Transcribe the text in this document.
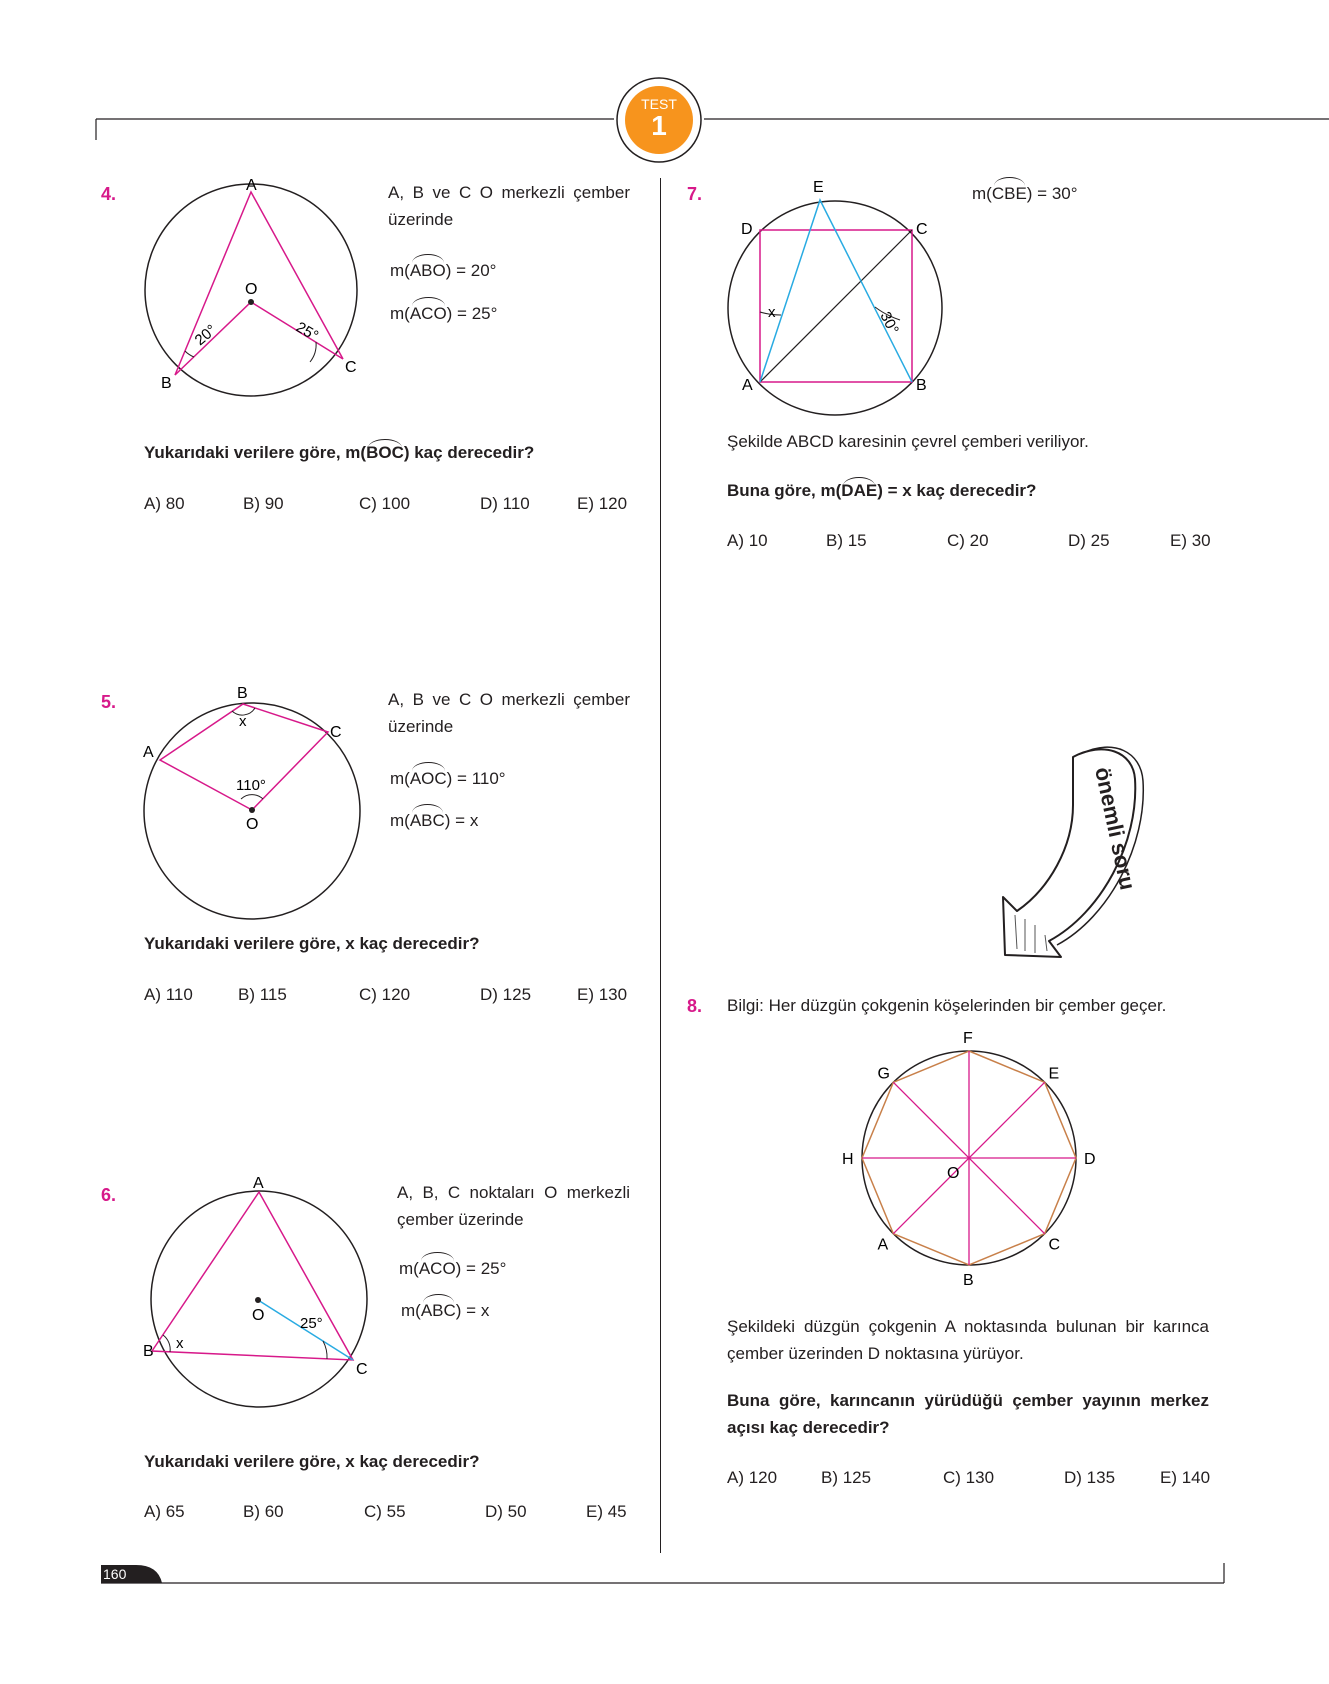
TEST
1
4.	A
B
C
O
20°	25°
A, B ve C O merkezli çember
üzerinde
m(ABO) = 20°
m(ACO) = 25°
Yukarıdaki verilere göre, m(BOC) kaç derecedir?
A) 80	B) 90	C) 100	D) 110	E) 120
5.	B
A
C
O
x
110°
A, B ve C O merkezli çember
üzerinde
m(AOC) = 110°
m(ABC) = x
Yukarıdaki verilere göre, x kaç derecedir?
A) 110	B) 115	C) 120	D) 125	E) 130
6.
A
B
C
O
x
25°
A, B, C noktaları O merkezli
çember üzerinde
m(ACO) = 25°
m(ABC) = x
Yukarıdaki verilere göre, x kaç derecedir?
A) 65	B) 60	C) 55	D) 50	E) 45
7.	E
D	C
A	B
x	30°
m(CBE) = 30°
Şekilde ABCD karesinin çevrel çemberi veriliyor.
Buna göre, m(DAE) = x kaç derecedir?
A) 10	B) 15	C) 20	D) 25	E) 30
önemli soru
8. Bilgi: Her düzgün çokgenin köşelerinden bir çember geçer.
F
E
D
C
B
A
H
G
O
Şekildeki düzgün çokgenin A noktasında bulunan bir karınca
çember üzerinden D noktasına yürüyor.
Buna göre, karıncanın yürüdüğü çember yayının merkez
açısı kaç derecedir?
A) 120	B) 125	C) 130	D) 135	E) 140
160
